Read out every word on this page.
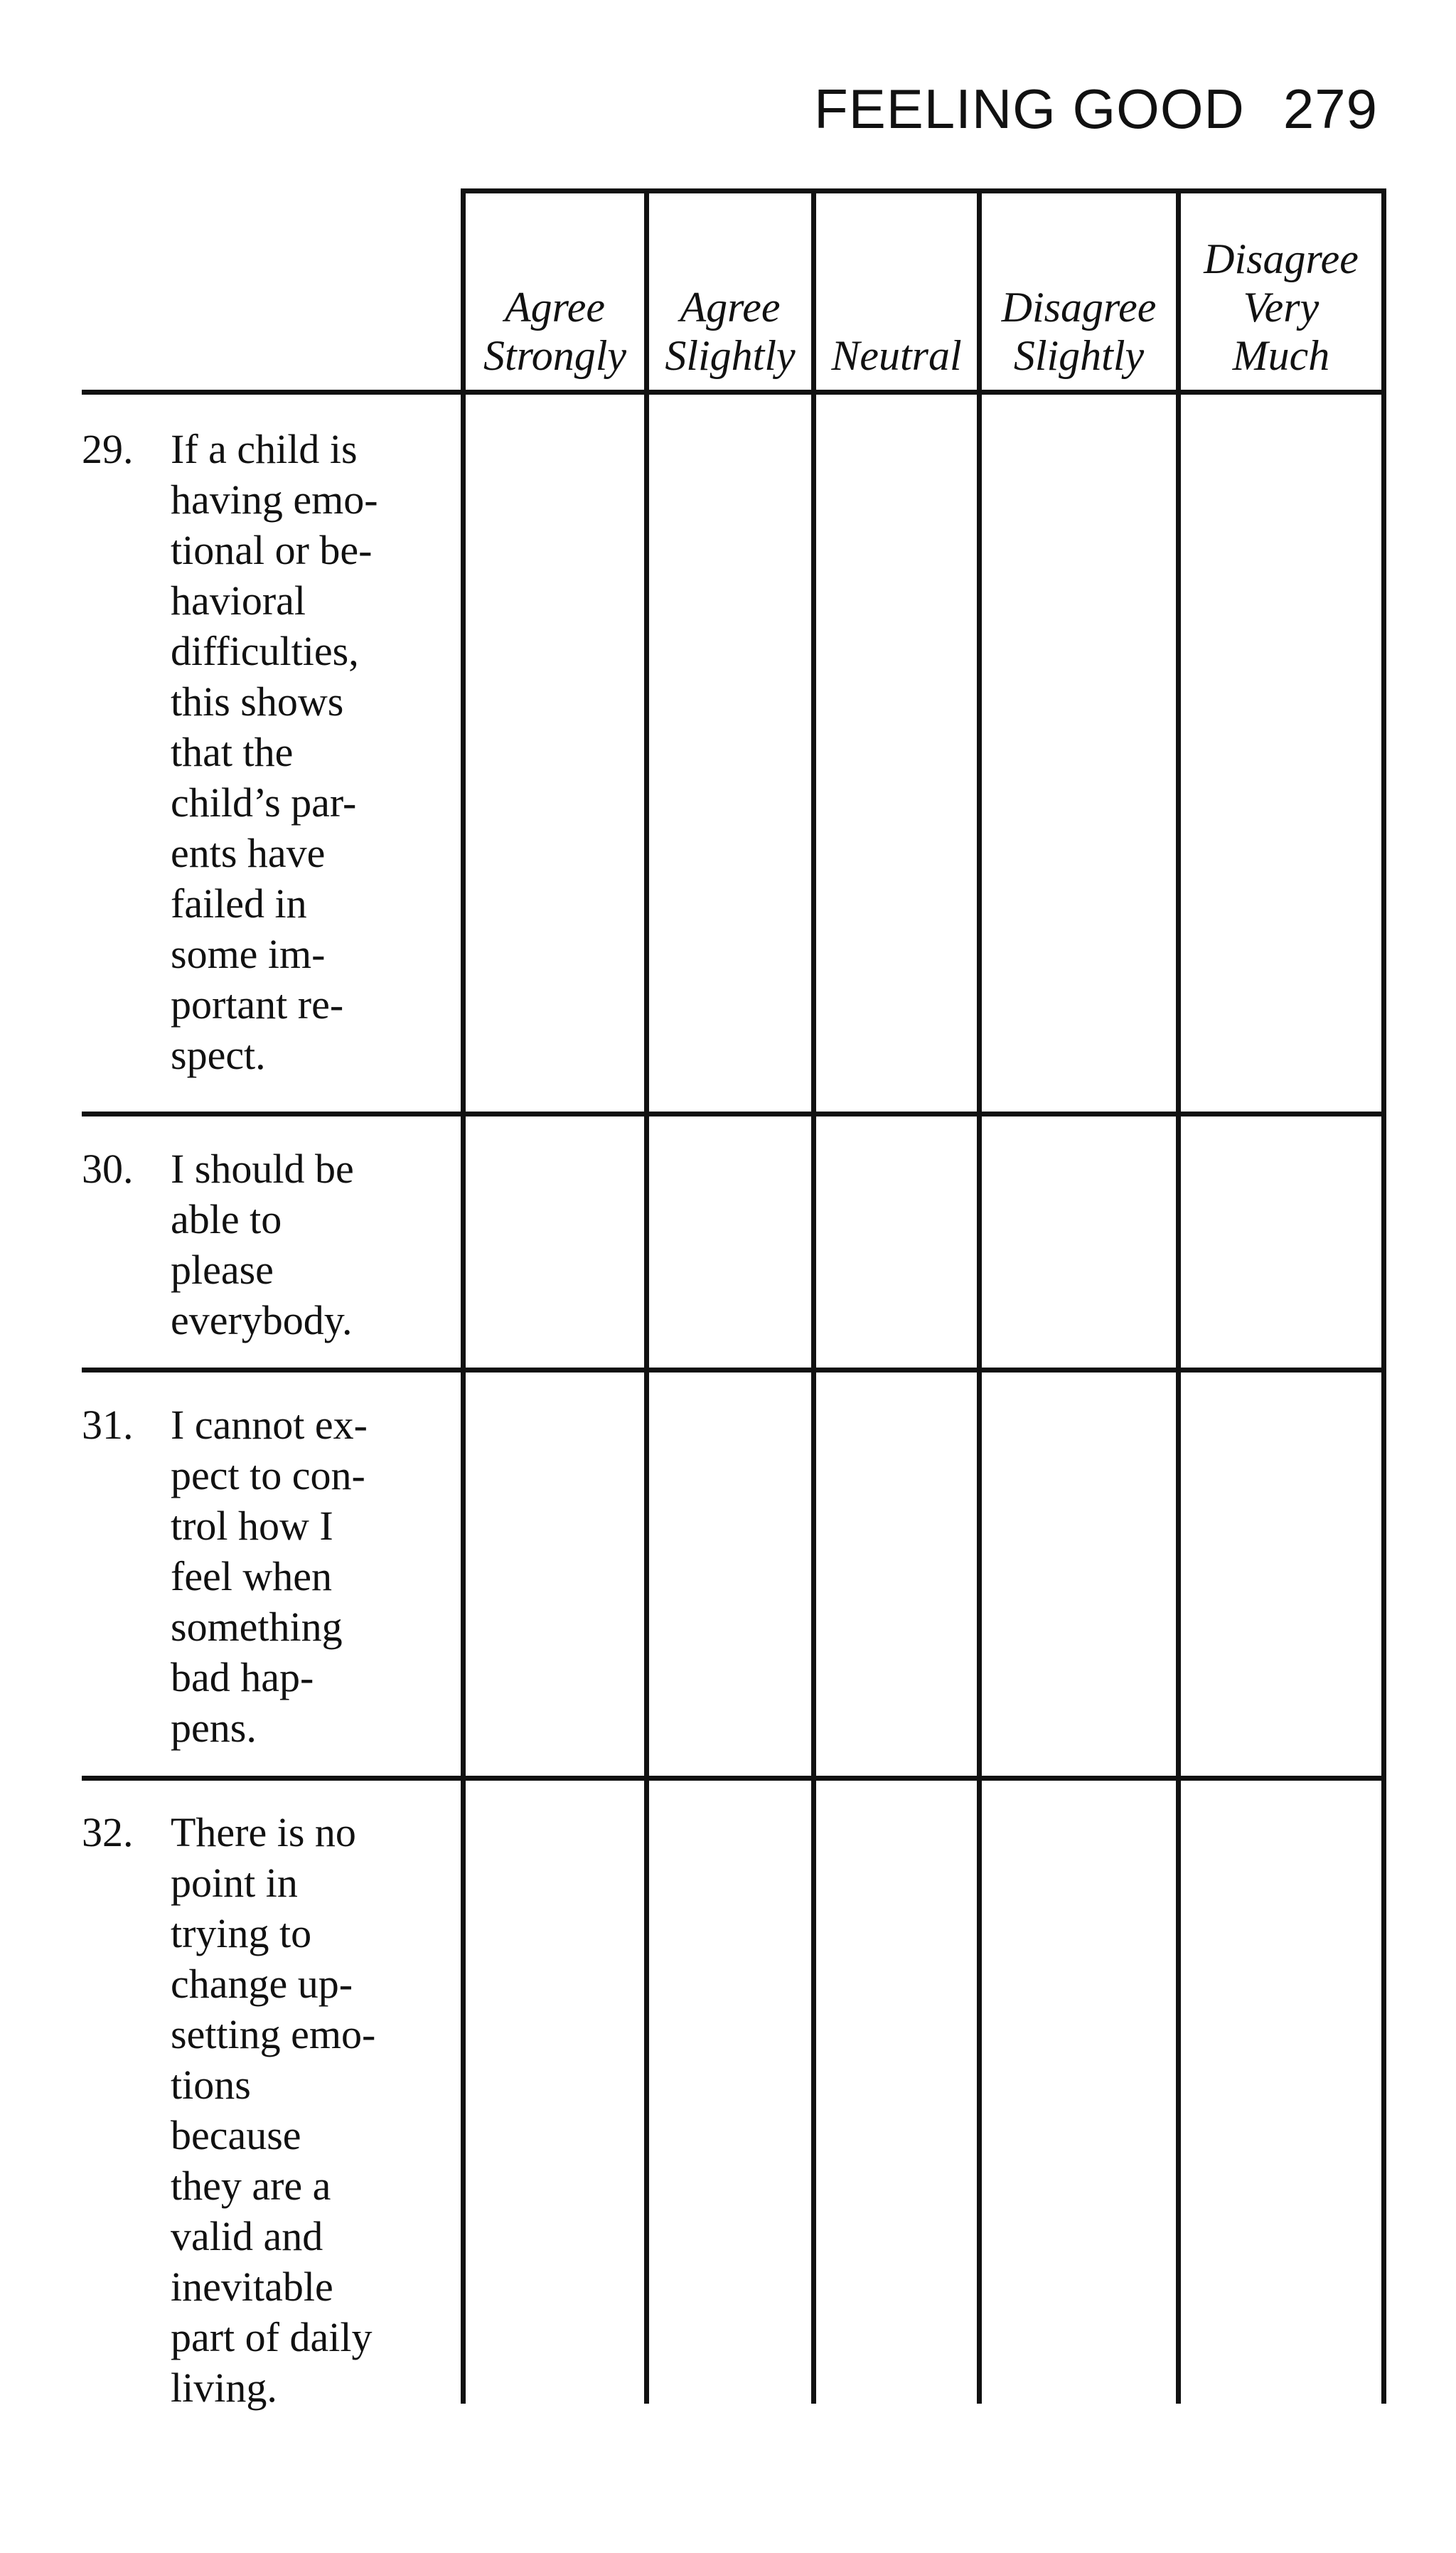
FEELING GOOD 279
Agree
Strongly
Agree
Slightly Neutral
Disagree
Slightly
Disagree
Very
Much
29. If a child is
having emo-
tional or be-
havioral
difficulties,
this shows
that the
child’s par-
ents have
failed in
some im-
portant re-
spect.
30. I should be
able to
please
everybody.
31. I cannot ex-
pect to con-
trol how I
feel when
something
bad hap-
pens.
32. There is no
point in
trying to
change up-
setting emo-
tions
because
they are a
valid and
inevitable
part of daily
living.
